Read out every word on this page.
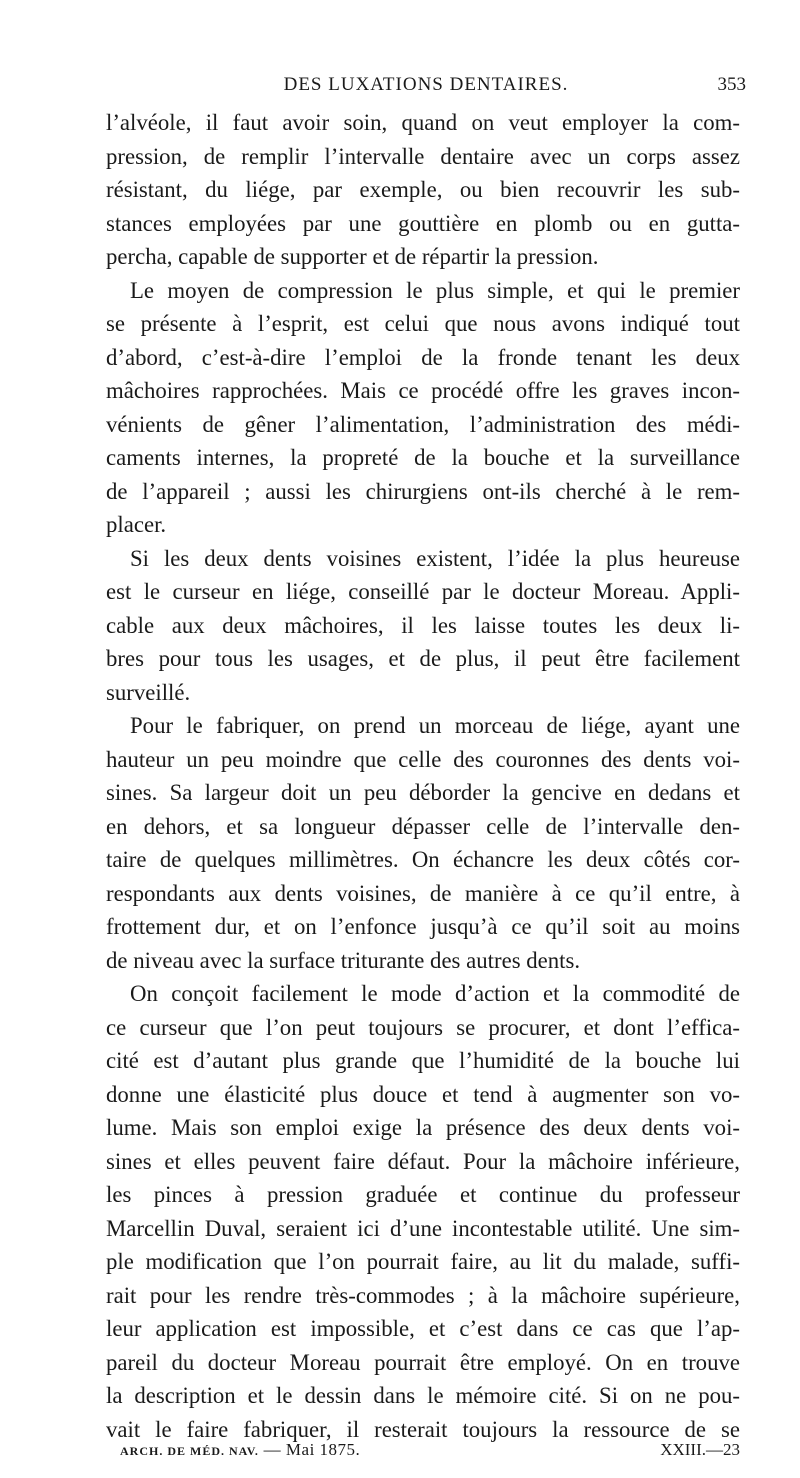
DES LUXATIONS DENTAIRES.	353
l’alvéole, il faut avoir soin, quand on veut employer la com-
pression, de remplir l’intervalle dentaire avec un corps assez
résistant, du liége, par exemple, ou bien recouvrir les sub-
stances employées par une gouttière en plomb ou en gutta-
percha, capable de supporter et de répartir la pression.
Le moyen de compression le plus simple, et qui le premier
se présente à l’esprit, est celui que nous avons indiqué tout
d’abord, c’est-à-dire l’emploi de la fronde tenant les deux
mâchoires rapprochées. Mais ce procédé offre les graves incon-
vénients de gêner l’alimentation, l’administration des médi-
caments internes, la propreté de la bouche et la surveillance
de l’appareil ; aussi les chirurgiens ont-ils cherché à le rem-
placer.
Si les deux dents voisines existent, l’idée la plus heureuse
est le curseur en liége, conseillé par le docteur Moreau. Appli-
cable aux deux mâchoires, il les laisse toutes les deux li-
bres pour tous les usages, et de plus, il peut être facilement
surveillé.
Pour le fabriquer, on prend un morceau de liége, ayant une
hauteur un peu moindre que celle des couronnes des dents voi-
sines. Sa largeur doit un peu déborder la gencive en dedans et
en dehors, et sa longueur dépasser celle de l’intervalle den-
taire de quelques millimètres. On échancre les deux côtés cor-
respondants aux dents voisines, de manière à ce qu’il entre, à
frottement dur, et on l’enfonce jusqu’à ce qu’il soit au moins
de niveau avec la surface triturante des autres dents.
On conçoit facilement le mode d’action et la commodité de
ce curseur que l’on peut toujours se procurer, et dont l’effica-
cité est d’autant plus grande que l’humidité de la bouche lui
donne une élasticité plus douce et tend à augmenter son vo-
lume. Mais son emploi exige la présence des deux dents voi-
sines et elles peuvent faire défaut. Pour la mâchoire inférieure,
les pinces à pression graduée et continue du professeur
Marcellin Duval, seraient ici d’une incontestable utilité. Une sim-
ple modification que l’on pourrait faire, au lit du malade, suffi-
rait pour les rendre très-commodes ; à la mâchoire supérieure,
leur application est impossible, et c’est dans ce cas que l’ap-
pareil du docteur Moreau pourrait être employé. On en trouve
la description et le dessin dans le mémoire cité. Si on ne pou-
vait le faire fabriquer, il resterait toujours la ressource de se
ARCH. DE MÉD. NAV. — Mai 1875.	XXIII.—23
